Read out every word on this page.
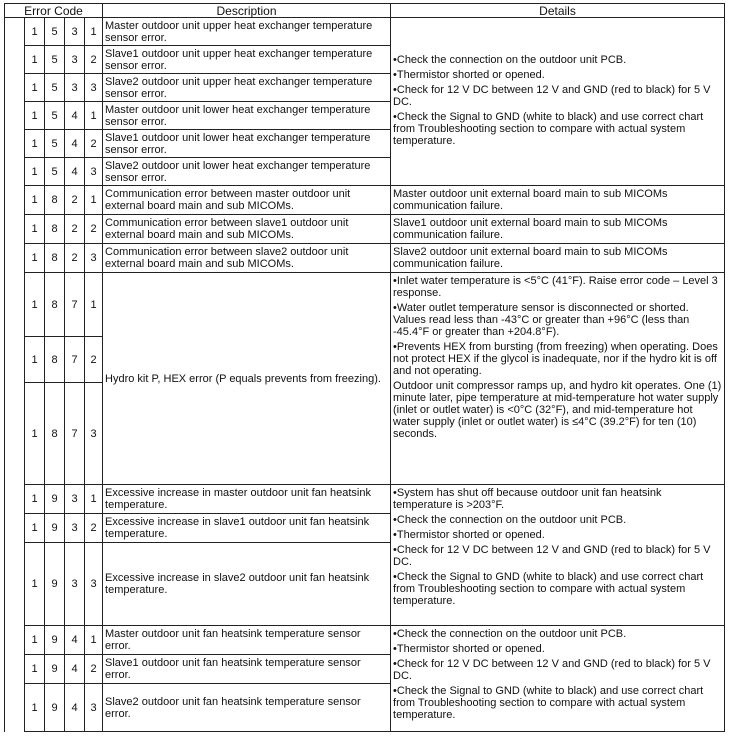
Error Code					Description	Details
	1	5	3	1	Master outdoor unit upper heat exchanger temperature sensor error.	• Check the connection on the outdoor unit PCB.
• Thermistor shorted or opened.
• Check for 12 V DC between 12 V and GND (red to black) for 5 V DC.
• Check the Signal to GND (white to black) and use correct chart from Troubleshooting section to compare with actual system temperature.

	1	5	3	2	Slave1 outdoor unit upper heat exchanger temperature sensor error.	
	1	5	3	3	Slave2 outdoor unit upper heat exchanger temperature sensor error.	
	1	5	4	1	Master outdoor unit lower heat exchanger temperature sensor error.	
	1	5	4	2	Slave1 outdoor unit lower heat exchanger temperature sensor error.	
	1	5	4	3	Slave2 outdoor unit lower heat exchanger temperature sensor error.	
	1	8	2	1	Communication error between master outdoor unit external board main and sub MICOMs.	Master outdoor unit external board main to sub MICOMs communication failure.
	1	8	2	2	Communication error between slave1 outdoor unit external board main and sub MICOMs.	Slave1 outdoor unit external board main to sub MICOMs communication failure.
	1	8	2	3	Communication error between slave2 outdoor unit external board main and sub MICOMs.	Slave2 outdoor unit external board main to sub MICOMs communication failure.
	1	8	7	1	Hydro kit P, HEX error (P equals prevents from freezing).	• Inlet water temperature is <5°C (41°F). Raise error code – Level 3 response.
• Water outlet temperature sensor is disconnected or shorted. Values read less than -43°C or greater than +96°C (less than -45.4°F or greater than +204.8°F).
• Prevents HEX from bursting (from freezing) when operating. Does not protect HEX if the glycol is inadequate, nor if the hydro kit is off and not operating.
Outdoor unit compressor ramps up, and hydro kit operates. One (1) minute later, pipe temperature at mid-temperature hot water supply (inlet or outlet water) is <0°C (32°F), and mid-temperature hot water supply (inlet or outlet water) is ≤4°C (39.2°F) for ten (10) seconds.

	1	8	7	2		
	1	8	7	3		
	1	9	3	1	Excessive increase in master outdoor unit fan heatsink temperature.	• System has shut off because outdoor unit fan heatsink temperature is >203°F.
• Check the connection on the outdoor unit PCB.
• Thermistor shorted or opened.
• Check for 12 V DC between 12 V and GND (red to black) for 5 V DC.
• Check the Signal to GND (white to black) and use correct chart from Troubleshooting section to compare with actual system temperature.

	1	9	3	2	Excessive increase in slave1 outdoor unit fan heatsink temperature.	
	1	9	3	3	Excessive increase in slave2 outdoor unit fan heatsink temperature.	
	1	9	4	1	Master outdoor unit fan heatsink temperature sensor error.	• Check the connection on the outdoor unit PCB.
• Thermistor shorted or opened.
• Check for 12 V DC between 12 V and GND (red to black) for 5 V DC.
• Check the Signal to GND (white to black) and use correct chart from Troubleshooting section to compare with actual system temperature.

	1	9	4	2	Slave1 outdoor unit fan heatsink temperature sensor error.	
	1	9	4	3	Slave2 outdoor unit fan heatsink temperature sensor error.	
